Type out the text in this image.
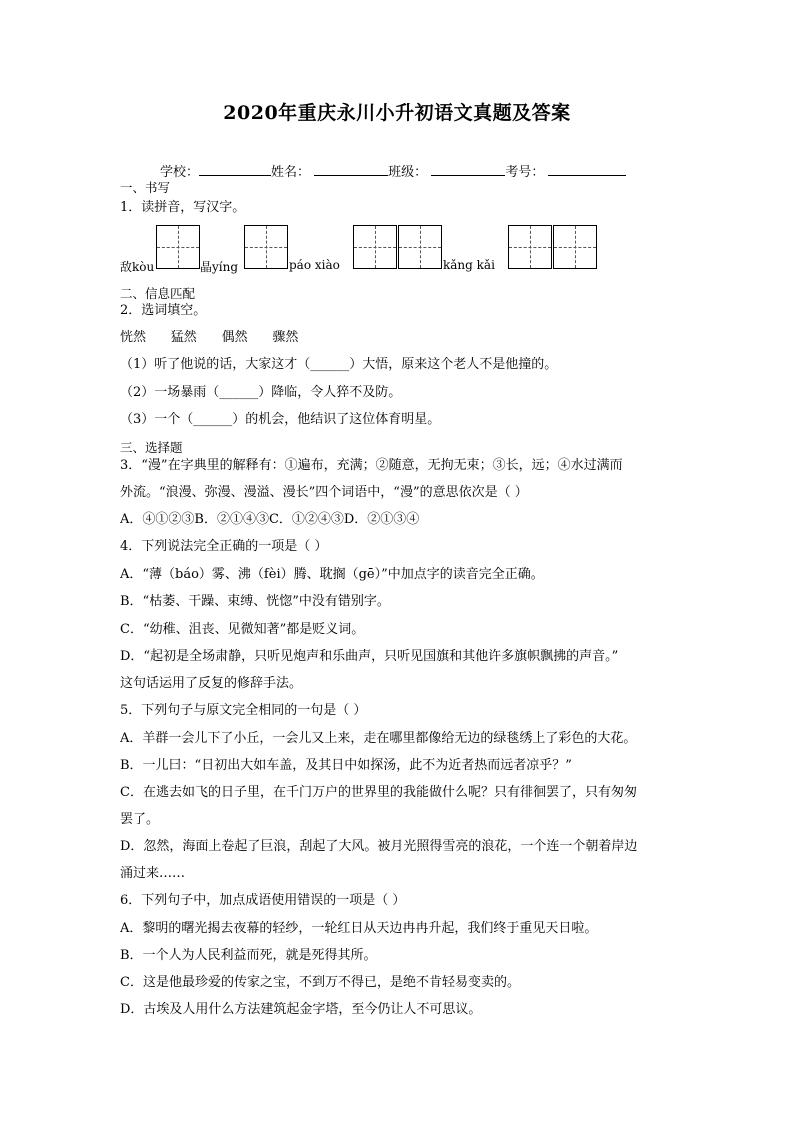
2020年重庆永川小升初语文真题及答案
学校：	姓名：	班级：	考号：
一、书写
1．读拼音，写汉字。
敌kòu	晶yíng	páo xiào	kǎng kǎi
二、信息匹配
2．选词填空。
恍然      猛然      偶然      骤然
（1）听了他说的话，大家这才（______）大悟，原来这个老人不是他撞的。
（2）一场暴雨（______）降临，令人猝不及防。
（3）一个（______）的机会，他结识了这位体育明星。
三、选择题
3．“漫”在字典里的解释有：①遍布，充满；②随意，无拘无束；③长，远；④水过满而
外流。“浪漫、弥漫、漫溢、漫长”四个词语中，“漫”的意思依次是（ ）
A．④①②③B．②①④③C．①②④③D．②①③④
4．下列说法完全正确的一项是（ ）
A．“薄（báo）雾、沸（fèi）腾、耽搁（gē）”中加点字的读音完全正确。
B．“枯萎、干躁、束缚、恍惚”中没有错别字。
C．“幼稚、沮丧、见微知著”都是贬义词。
D．“起初是全场肃静，只听见炮声和乐曲声，只听见国旗和其他许多旗帜飘拂的声音。”
这句话运用了反复的修辞手法。
5．下列句子与原文完全相同的一句是（ ）
A．羊群一会儿下了小丘，一会儿又上来，走在哪里都像给无边的绿毯绣上了彩色的大花。
B．一儿曰：“日初出大如车盖，及其日中如探汤，此不为近者热而远者凉乎？”
C．在逃去如飞的日子里，在千门万户的世界里的我能做什么呢？只有徘徊罢了，只有匆匆
罢了。
D．忽然，海面上卷起了巨浪，刮起了大风。被月光照得雪亮的浪花，一个连一个朝着岸边
涌过来……
6．下列句子中，加点成语使用错误的一项是（ ）
A．黎明的曙光揭去夜幕的轻纱，一轮红日从天边冉冉升起，我们终于重见天日啦。
B．一个人为人民利益而死，就是死得其所。
C．这是他最珍爱的传家之宝，不到万不得已，是绝不肯轻易变卖的。
D．古埃及人用什么方法建筑起金字塔，至今仍让人不可思议。
